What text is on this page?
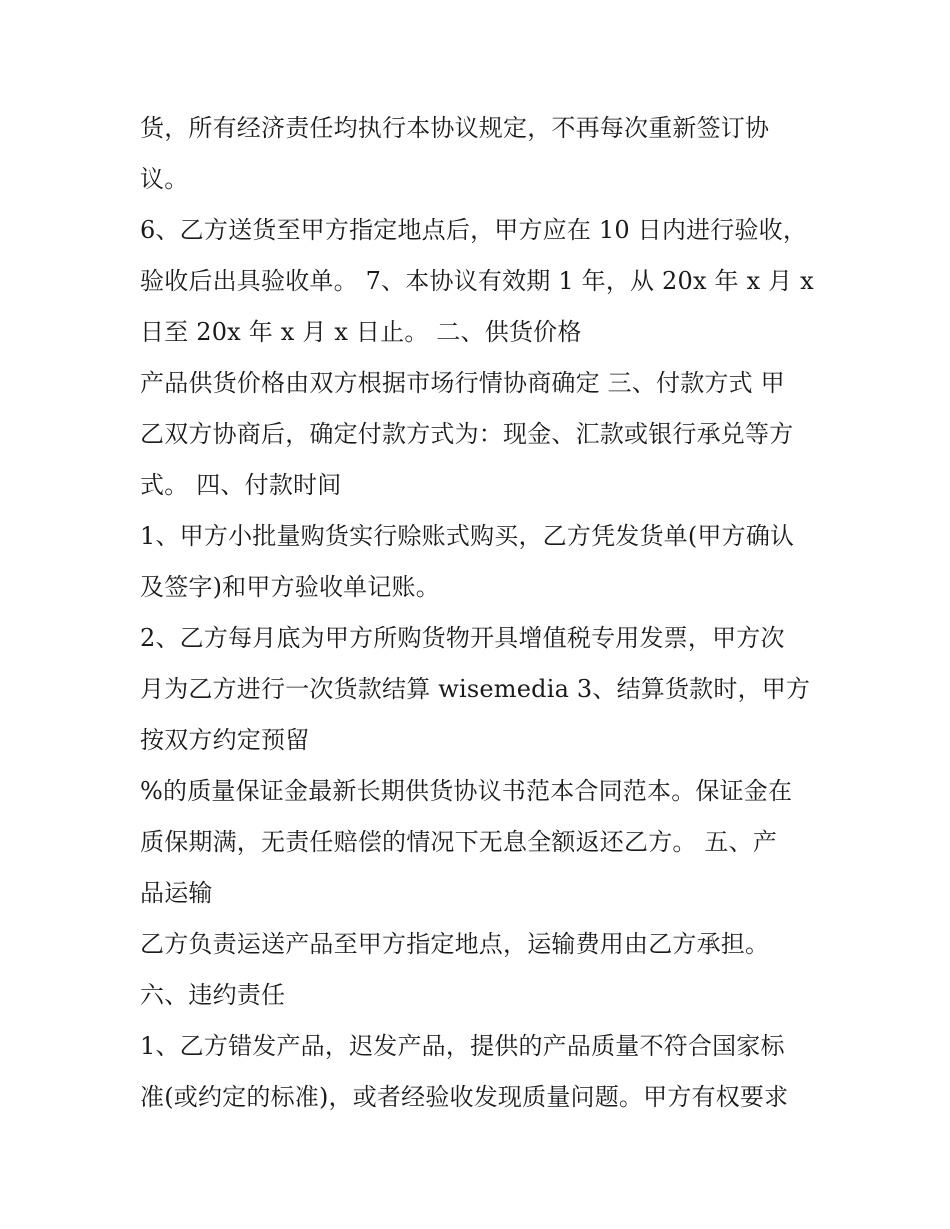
货，所有经济责任均执行本协议规定，不再每次重新签订协
议。
6、乙方送货至甲方指定地点后，甲方应在 10 日内进行验收，
验收后出具验收单。 7、本协议有效期 1 年，从 20x 年 x 月 x
日至 20x 年 x 月 x 日止。 二、供货价格
产品供货价格由双方根据市场行情协商确定 三、付款方式 甲
乙双方协商后，确定付款方式为：现金、汇款或银行承兑等方
式。 四、付款时间
1、甲方小批量购货实行赊账式购买，乙方凭发货单(甲方确认
及签字)和甲方验收单记账。
2、乙方每月底为甲方所购货物开具增值税专用发票，甲方次
月为乙方进行一次货款结算 wisemedia 3、结算货款时，甲方
按双方约定预留
%的质量保证金最新长期供货协议书范本合同范本。保证金在
质保期满，无责任赔偿的情况下无息全额返还乙方。 五、产
品运输
乙方负责运送产品至甲方指定地点，运输费用由乙方承担。
六、违约责任
1、乙方错发产品，迟发产品，提供的产品质量不符合国家标
准(或约定的标准)，或者经验收发现质量问题。甲方有权要求
